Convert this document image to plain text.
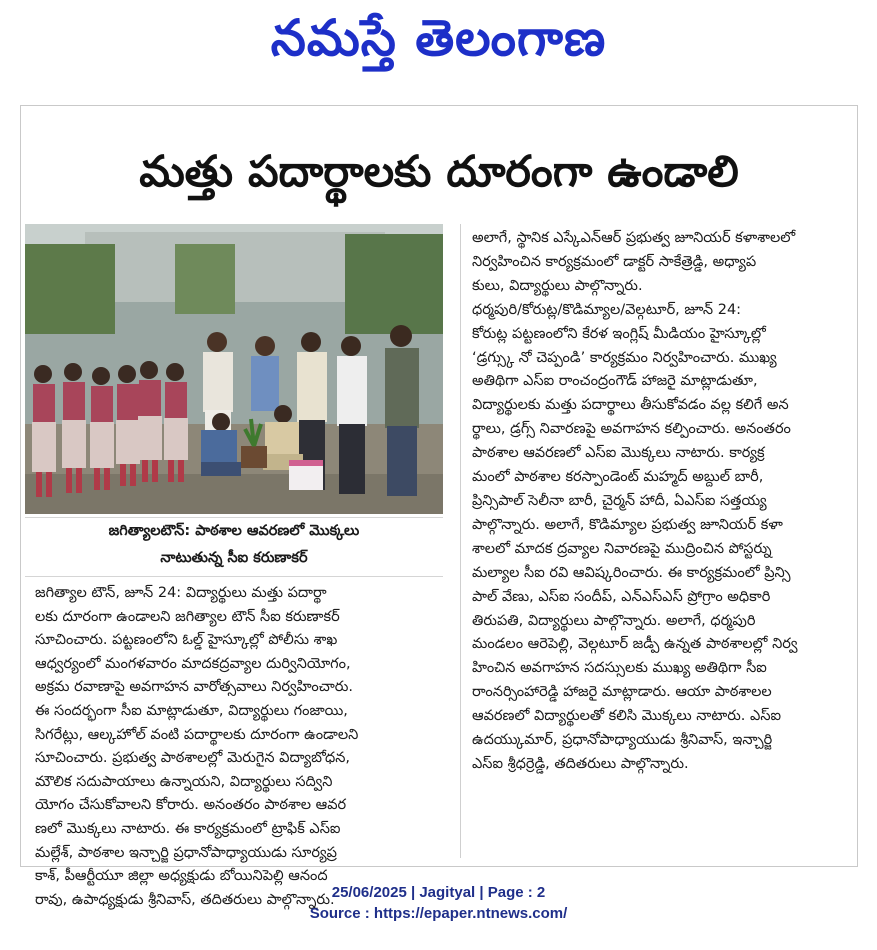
నమస్తే తెలంగాణ
మత్తు పదార్థాలకు దూరంగా ఉండాలి
జగిత్యాలటౌన్: పాఠశాల ఆవరణలో మొక్కలు
నాటుతున్న సీఐ కరుణాకర్
జగిత్యాల టౌన్, జూన్ 24: విద్యార్థులు మత్తు పదార్థా
లకు దూరంగా ఉండాలని జగిత్యాల టౌన్ సీఐ కరుణాకర్
సూచించారు. పట్టణంలోని ఓల్డ్ హైస్కూల్లో పోలీసు శాఖ
ఆధ్వర్యంలో మంగళవారం మాదకద్రవ్యాల దుర్వినియోగం,
అక్రమ రవాణాపై అవగాహన వారోత్సవాలు నిర్వహించారు.
ఈ సందర్భంగా సీఐ మాట్లాడుతూ, విద్యార్థులు గంజాయి,
సిగరేట్లు, ఆల్కహోల్ వంటి పదార్థాలకు దూరంగా ఉండాలని
సూచించారు. ప్రభుత్వ పాఠశాలల్లో మెరుగైన విద్యాబోధన,
మౌలిక సదుపాయాలు ఉన్నాయని, విద్యార్థులు సద్విని
యోగం చేసుకోవాలని కోరారు. అనంతరం పాఠశాల ఆవర
ణలో మొక్కలు నాటారు. ఈ కార్యక్రమంలో ట్రాఫిక్ ఎస్ఐ
మల్లేశ్, పాఠశాల ఇన్చార్జి ప్రధానోపాధ్యాయుడు సూర్యప్ర
కాశ్, పీఆర్టీయూ జిల్లా అధ్యక్షుడు బోయినిపెల్లి ఆనంద
రావు, ఉపాధ్యక్షుడు శ్రీనివాస్, తదితరులు పాల్గొన్నారు.
అలాగే, స్థానిక ఎస్కేఎన్ఆర్ ప్రభుత్వ జూనియర్ కళాశాలలో
నిర్వహించిన కార్యక్రమంలో డాక్టర్ సాకేత్రెడ్డి, అధ్యాప
కులు, విద్యార్థులు పాల్గొన్నారు.
ధర్మపురి/కోరుట్ల/కొడిమ్యాల/వెల్గటూర్, జూన్ 24:
కోరుట్ల పట్టణంలోని కేరళ ఇంగ్లిష్ మీడియం హైస్కూల్లో
‘డ్రగ్స్కు నో చెప్పండి’ కార్యక్రమం నిర్వహించారు. ముఖ్య
అతిథిగా ఎస్ఐ రాంచంద్రంగౌడ్ హాజరై మాట్లాడుతూ,
విద్యార్థులకు మత్తు పదార్థాలు తీసుకోవడం వల్ల కలిగే అన
ర్థాలు, డ్రగ్స్ నివారణపై అవగాహన కల్పించారు. అనంతరం
పాఠశాల ఆవరణలో ఎస్ఐ మొక్కలు నాటారు. కార్యక్ర
మంలో పాఠశాల కరస్పాండెంట్ మహ్మద్ అబ్దుల్ బారీ,
ప్రిన్సిపాల్ సెలీనా బారీ, చైర్మన్ హాదీ, ఏఎస్ఐ సత్తయ్య
పాల్గొన్నారు. అలాగే, కొడిమ్యాల ప్రభుత్వ జూనియర్ కళా
శాలలో మాదక ద్రవ్యాల నివారణపై ముద్రించిన పోస్టర్ను
మల్యాల సీఐ రవి ఆవిష్కరించారు. ఈ కార్యక్రమంలో ప్రిన్సి
పాల్ వేణు, ఎస్ఐ సందీప్, ఎన్ఎస్ఎస్ ప్రోగ్రాం అధికారి
తిరుపతి, విద్యార్థులు పాల్గొన్నారు. అలాగే, ధర్మపురి
మండలం ఆరెపెల్లి, వెల్గటూర్ జడ్పీ ఉన్నత పాఠశాలల్లో నిర్వ
హించిన అవగాహన సదస్సులకు ముఖ్య అతిథిగా సీఐ
రాంనర్సింహారెడ్డి హాజరై మాట్లాడారు. ఆయా పాఠశాలల
ఆవరణలో విద్యార్థులతో కలిసి మొక్కలు నాటారు. ఎస్ఐ
ఉదయ్కుమార్, ప్రధానోపాధ్యాయుడు శ్రీనివాస్, ఇన్చార్జి
ఎస్ఐ శ్రీధర్రెడ్డి, తదితరులు పాల్గొన్నారు.
25/06/2025 | Jagityal | Page : 2
Source : https://epaper.ntnews.com/
